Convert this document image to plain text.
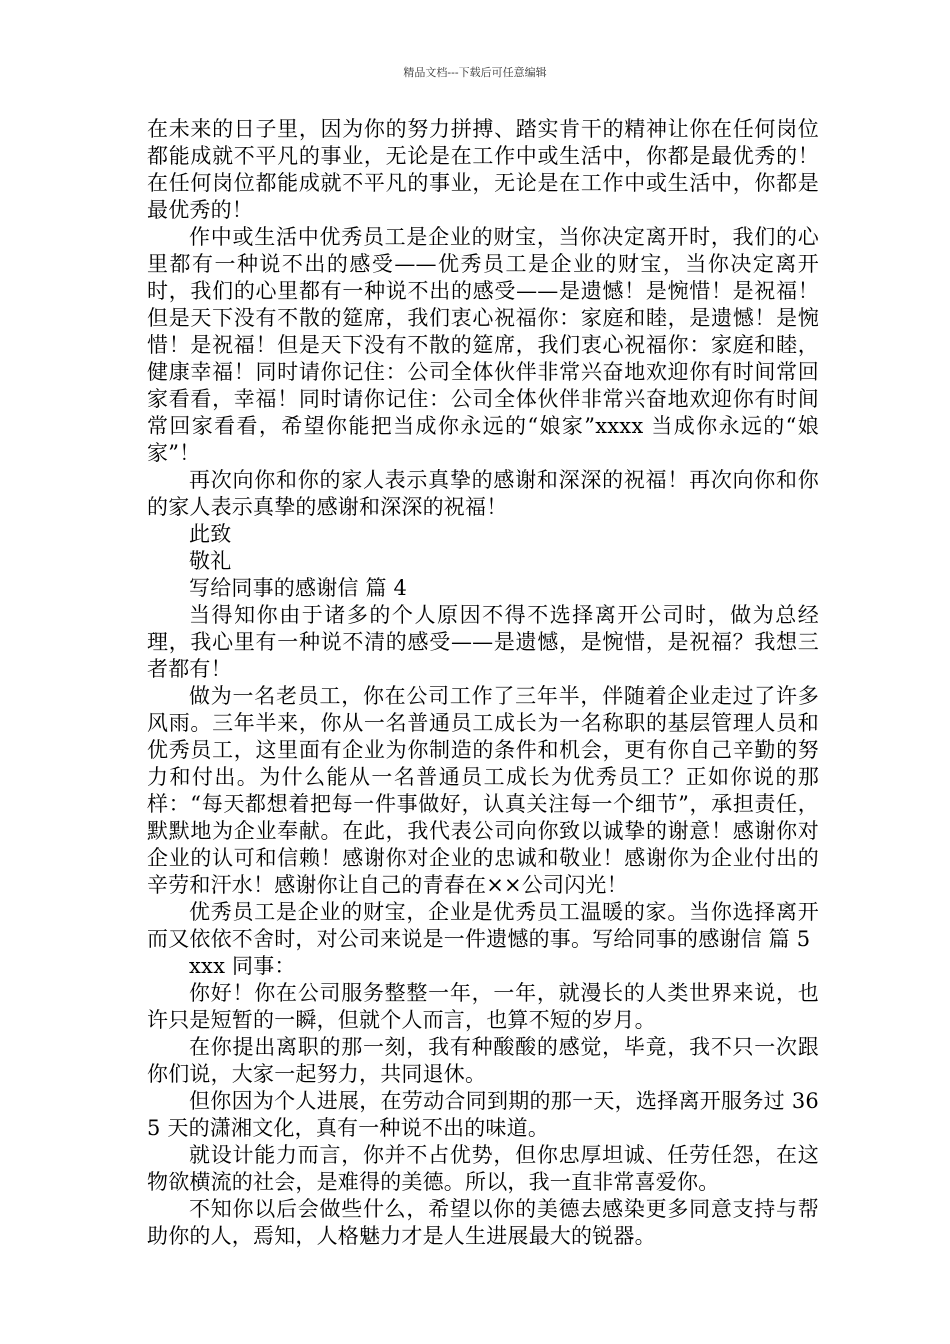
精品文档---下载后可任意编辑

在未来的日子里，因为你的努力拼搏、踏实肯干的精神让你在任何岗位都能成就不平凡的事业，无论是在工作中或生活中，你都是最优秀的！在任何岗位都能成就不平凡的事业，无论是在工作中或生活中，你都是最优秀的！

作中或生活中优秀员工是企业的财宝，当你决定离开时，我们的心里都有一种说不出的感受——优秀员工是企业的财宝，当你决定离开时，我们的心里都有一种说不出的感受——是遗憾！是惋惜！是祝福！但是天下没有不散的筵席，我们衷心祝福你：家庭和睦，是遗憾！是惋惜！是祝福！但是天下没有不散的筵席，我们衷心祝福你：家庭和睦，健康幸福！同时请你记住：公司全体伙伴非常兴奋地欢迎你有时间常回家看看，幸福！同时请你记住：公司全体伙伴非常兴奋地欢迎你有时间常回家看看，希望你能把当成你永远的“娘家”xxxx 当成你永远的“娘家”！

再次向你和你的家人表示真挚的感谢和深深的祝福！再次向你和你的家人表示真挚的感谢和深深的祝福！

此致

敬礼

写给同事的感谢信 篇 4

当得知你由于诸多的个人原因不得不选择离开公司时，做为总经理，我心里有一种说不清的感受——是遗憾，是惋惜，是祝福？我想三者都有！

做为一名老员工，你在公司工作了三年半，伴随着企业走过了许多风雨。三年半来，你从一名普通员工成长为一名称职的基层管理人员和优秀员工，这里面有企业为你制造的条件和机会，更有你自己辛勤的努力和付出。为什么能从一名普通员工成长为优秀员工？正如你说的那样：“每天都想着把每一件事做好，认真关注每一个细节”，承担责任，默默地为企业奉献。在此，我代表公司向你致以诚挚的谢意！感谢你对企业的认可和信赖！感谢你对企业的忠诚和敬业！感谢你为企业付出的辛劳和汗水！感谢你让自己的青春在××公司闪光！

优秀员工是企业的财宝，企业是优秀员工温暖的家。当你选择离开而又依依不舍时，对公司来说是一件遗憾的事。写给同事的感谢信 篇 5

xxx 同事：

你好！你在公司服务整整一年，一年，就漫长的人类世界来说，也许只是短暂的一瞬，但就个人而言，也算不短的岁月。

在你提出离职的那一刻，我有种酸酸的感觉，毕竟，我不只一次跟你们说，大家一起努力，共同退休。

但你因为个人进展，在劳动合同到期的那一天，选择离开服务过 365 天的潇湘文化，真有一种说不出的味道。

就设计能力而言，你并不占优势，但你忠厚坦诚、任劳任怨，在这物欲横流的社会，是难得的美德。所以，我一直非常喜爱你。

不知你以后会做些什么，希望以你的美德去感染更多同意支持与帮助你的人，焉知，人格魅力才是人生进展最大的锐器。
